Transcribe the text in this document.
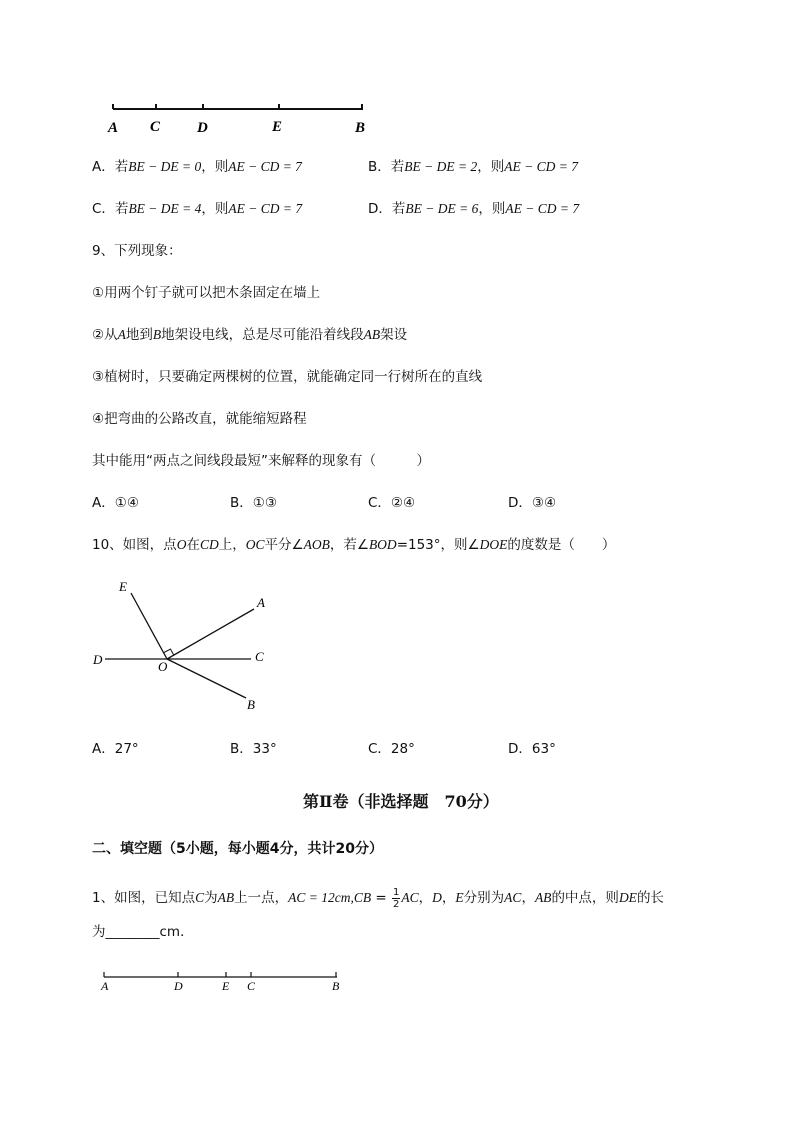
A C D	E	B
A．若BE − DE = 0，则AE − CD = 7	B．若BE − DE = 2，则AE − CD = 7
C．若BE − DE = 4，则AE − CD = 7	D．若BE − DE = 6，则AE − CD = 7
9、下列现象：
①用两个钉子就可以把木条固定在墙上
②从A地到B地架设电线，总是尽可能沿着线段AB架设
③植树时，只要确定两棵树的位置，就能确定同一行树所在的直线
④把弯曲的公路改直，就能缩短路程
其中能用“两点之间线段最短”来解释的现象有（　　　）
A．①④	B．①③	C．②④	D．③④
10、如图，点O在CD上，OC平分∠AOB，若∠BOD=153°，则∠DOE的度数是（　　）
E
A
D	C
O
B
A．27°	B．33°	C．28°	D．63°
第Ⅱ卷（非选择题　70分）
二、填空题（5小题，每小题4分，共计20分）
1、如图，已知点C为AB上一点，AC = $12cm,CB = \frac{1}{2}$ AC，D，E分别为AC，AB的中点，则DE的长
为________cm．
A	D	E C	B
